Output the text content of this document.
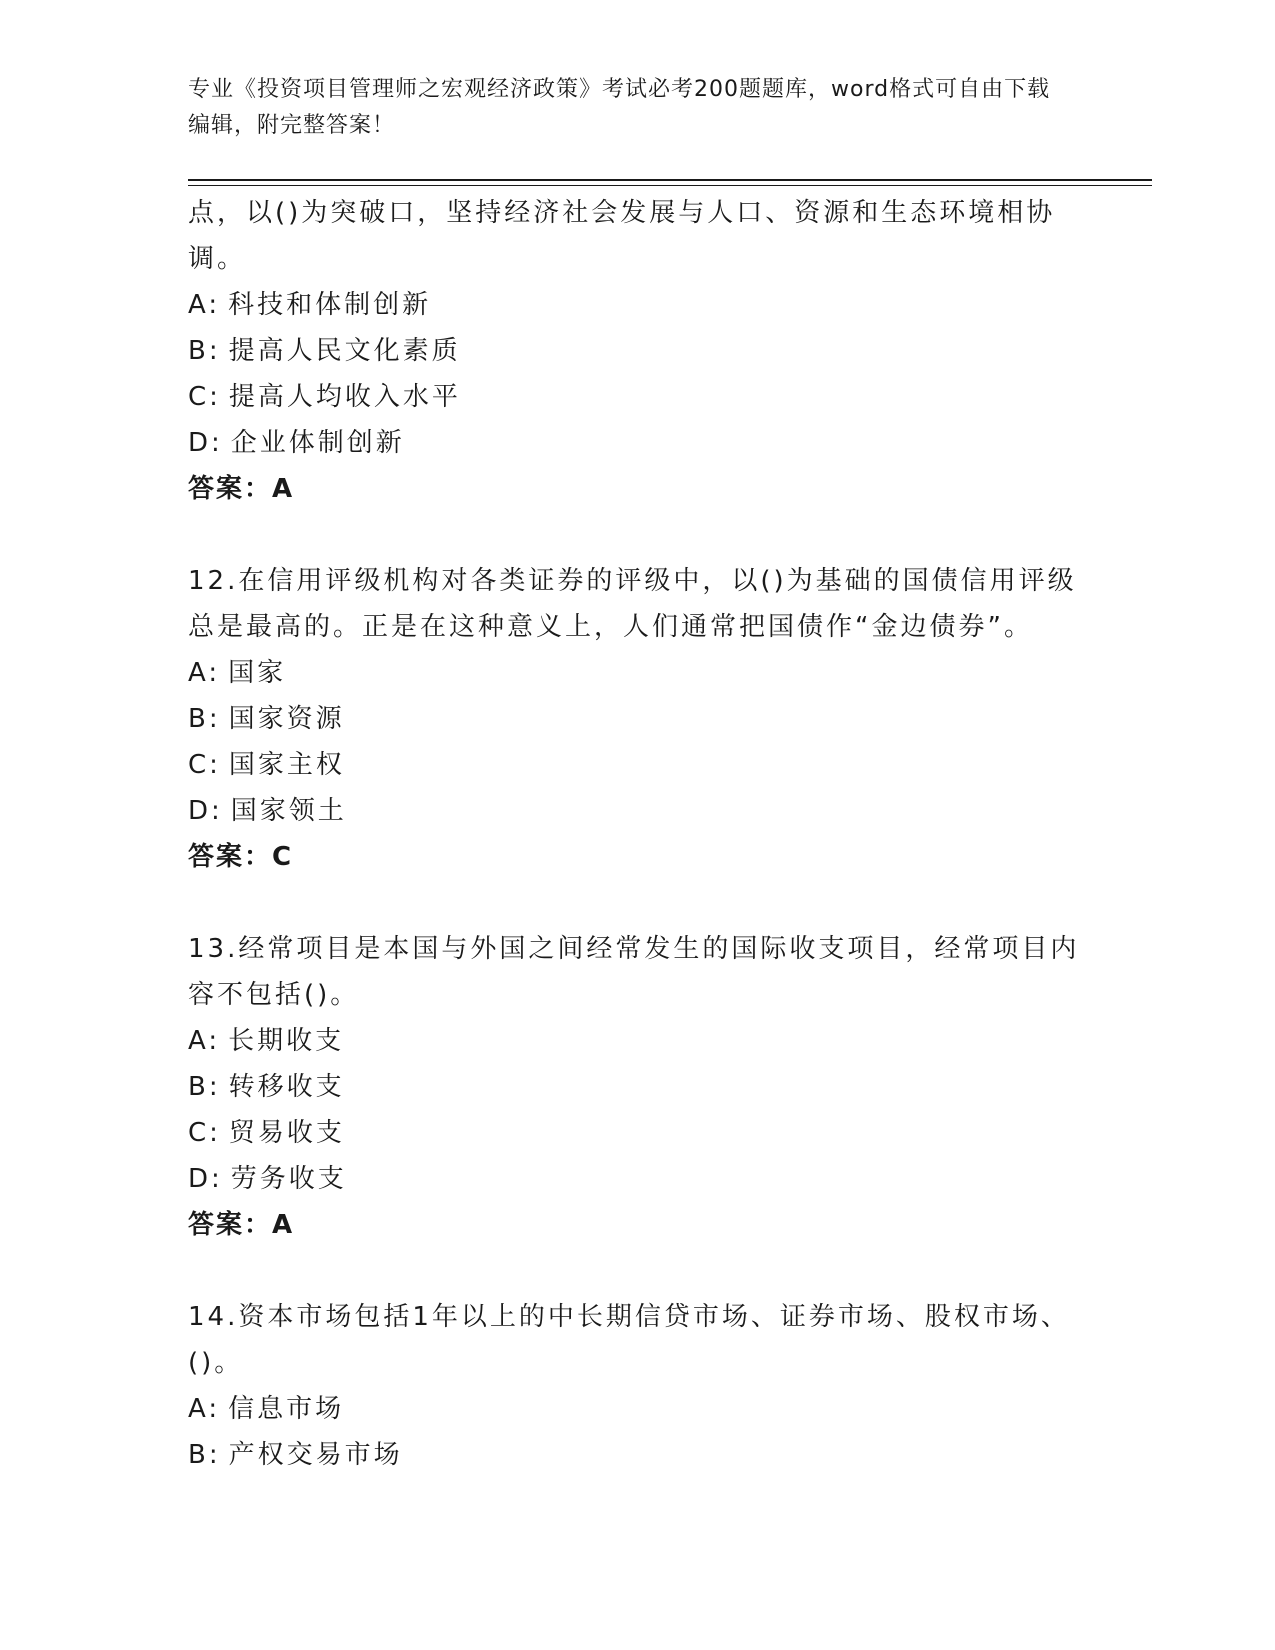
专业《投资项目管理师之宏观经济政策》考试必考200题题库，word格式可自由下载编辑，附完整答案！

点，以()为突破口，坚持经济社会发展与人口、资源和生态环境相协调。

A: 科技和体制创新

B: 提高人民文化素质

C: 提高人均收入水平

D: 企业体制创新

答案：A

12.在信用评级机构对各类证券的评级中，以()为基础的国债信用评级总是最高的。正是在这种意义上，人们通常把国债作“金边债券”。

A: 国家

B: 国家资源

C: 国家主权

D: 国家领土

答案：C

13.经常项目是本国与外国之间经常发生的国际收支项目，经常项目内容不包括()。

A: 长期收支

B: 转移收支

C: 贸易收支

D: 劳务收支

答案：A

14.资本市场包括1年以上的中长期信贷市场、证券市场、股权市场、()。

A: 信息市场

B: 产权交易市场
